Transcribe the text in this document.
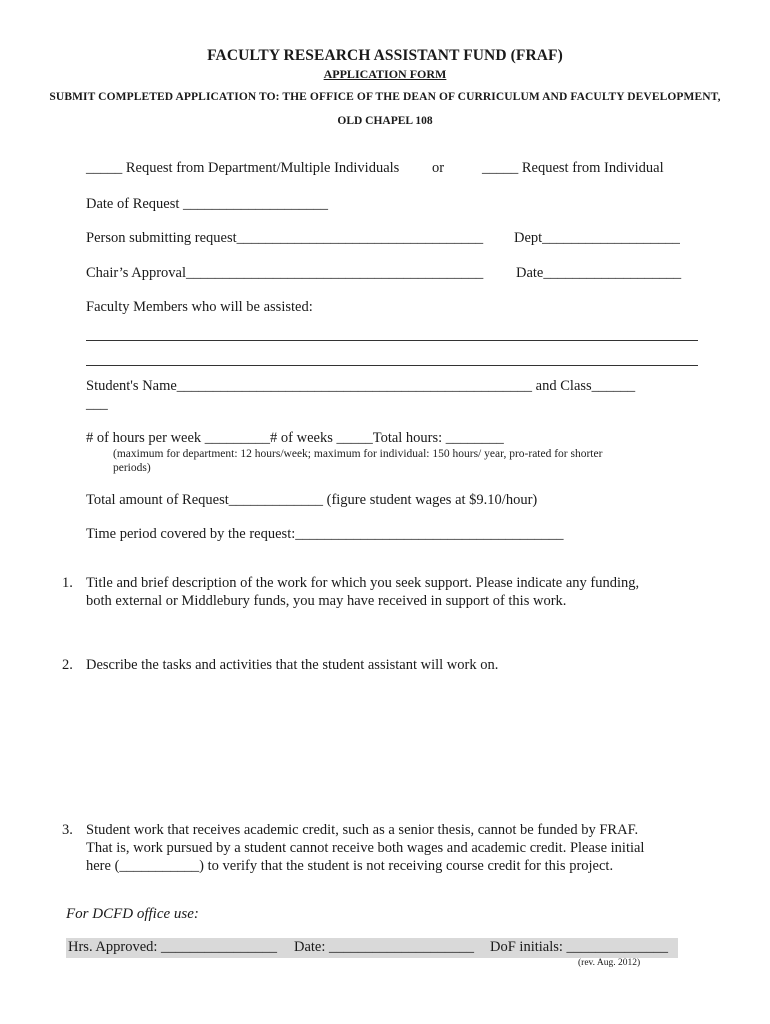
FACULTY RESEARCH ASSISTANT FUND (FRAF)
APPLICATION FORM
SUBMIT COMPLETED APPLICATION TO: THE OFFICE OF THE DEAN OF CURRICULUM AND FACULTY DEVELOPMENT,
OLD CHAPEL 108
_____ Request from Department/Multiple Individuals or	_____ Request from Individual
Date of Request ____________________
Person submitting request__________________________________ Dept___________________
Chair’s Approval_________________________________________ Date___________________
Faculty Members who will be assisted:
Student's Name_________________________________________________ and Class______
___
# of hours per week _________# of weeks _____Total hours: ________
(maximum for department: 12 hours/week; maximum for individual: 150 hours/ year, pro-rated for shorter
periods)
Total amount of Request_____________ (figure student wages at $9.10/hour)
Time period covered by the request:_____________________________________
1. Title and brief description of the work for which you seek support. Please indicate any funding,
both external or Middlebury funds, you may have received in support of this work.
2. Describe the tasks and activities that the student assistant will work on.
3. Student work that receives academic credit, such as a senior thesis, cannot be funded by FRAF.
That is, work pursued by a student cannot receive both wages and academic credit. Please initial
here (___________) to verify that the student is not receiving course credit for this project.
For DCFD office use:
Hrs. Approved: ________________ Date: ____________________ DoF initials: ______________
(rev. Aug. 2012)
